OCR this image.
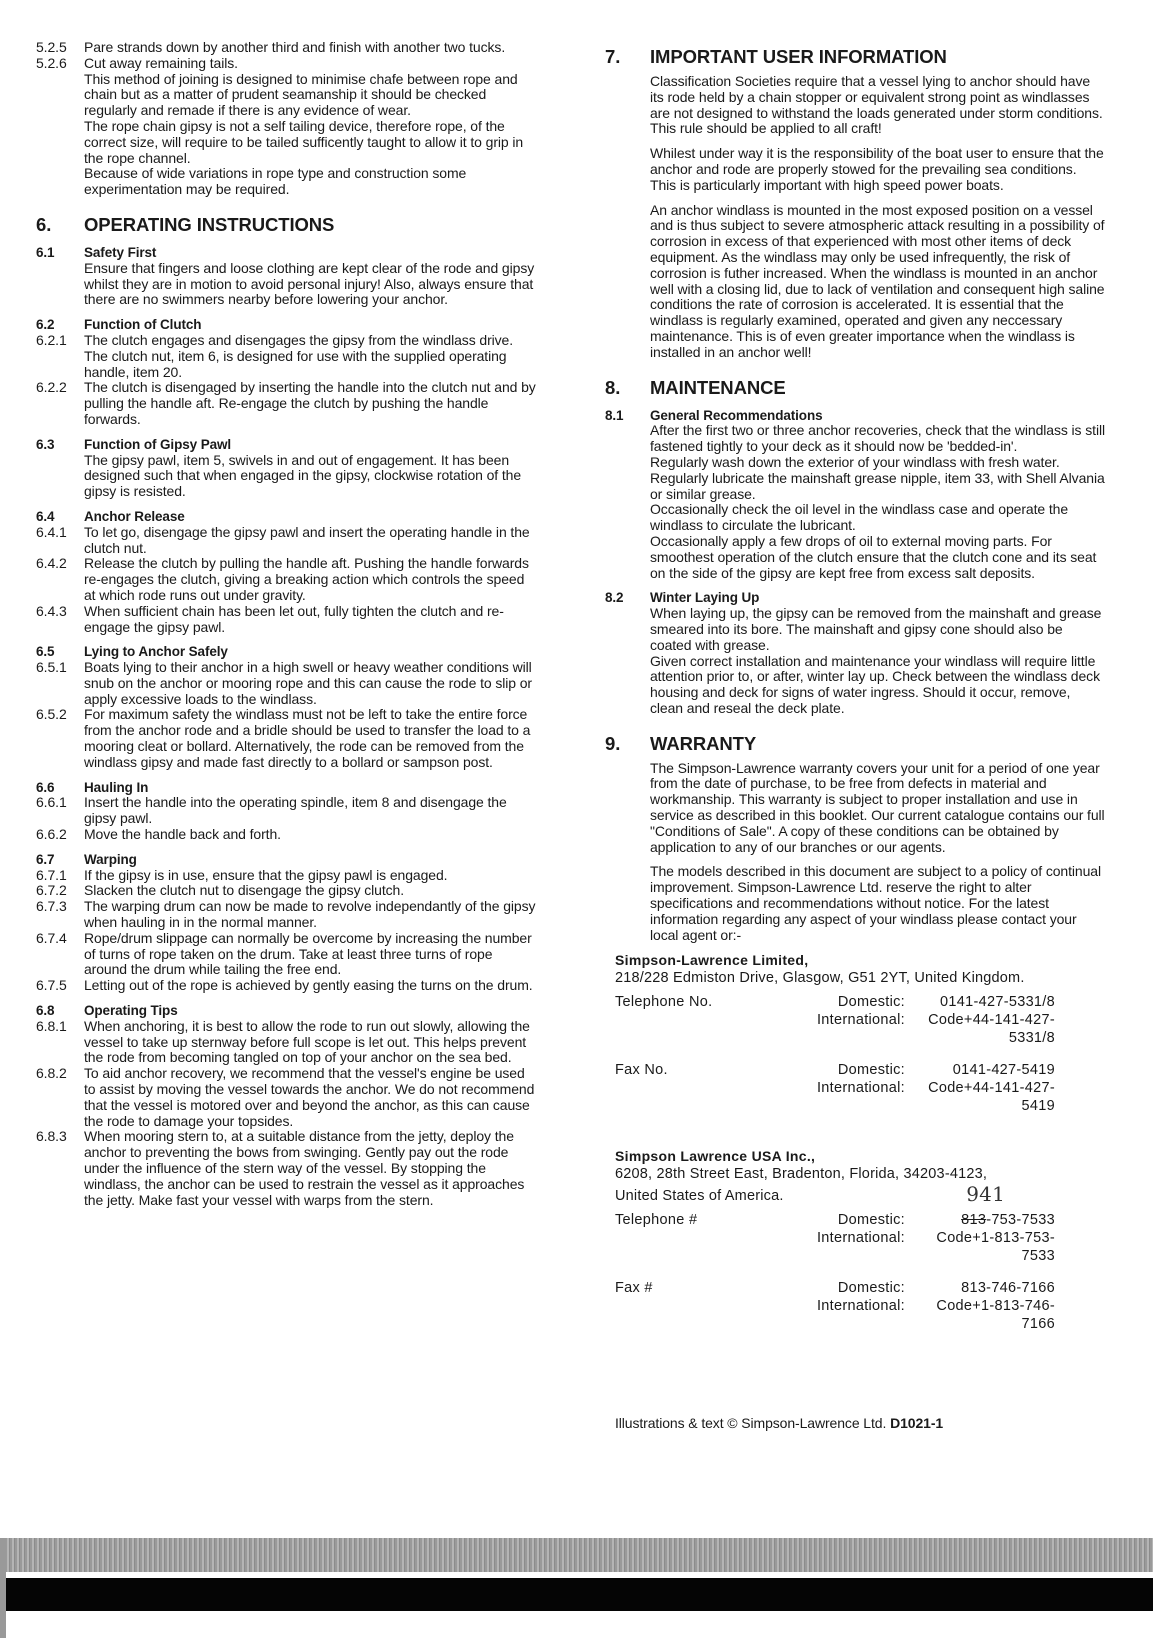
5.2.5	Pare strands down by another third and finish with another two tucks.
5.2.6	Cut away remaining tails.
This method of joining is designed to minimise chafe between rope and chain but as a matter of prudent seamanship it should be checked regularly and remade if there is any evidence of wear.
The rope chain gipsy is not a self tailing device, therefore rope, of the correct size, will require to be tailed sufficently taught to allow it to grip in the rope channel.
Because of wide variations in rope type and construction some experimentation may be required.
6.	OPERATING INSTRUCTIONS
6.1	Safety First
Ensure that fingers and loose clothing are kept clear of the rode and gipsy whilst they are in motion to avoid personal injury! Also, always ensure that there are no swimmers nearby before lowering your anchor.
6.2	Function of Clutch
6.2.1	The clutch engages and disengages the gipsy from the windlass drive. The clutch nut, item 6, is designed for use with the supplied operating handle, item 20.
6.2.2	The clutch is disengaged by inserting the handle into the clutch nut and by pulling the handle aft. Re-engage the clutch by pushing the handle forwards.
6.3	Function of Gipsy Pawl
The gipsy pawl, item 5, swivels in and out of engagement. It has been designed such that when engaged in the gipsy, clockwise rotation of the gipsy is resisted.
6.4	Anchor Release
6.4.1	To let go, disengage the gipsy pawl and insert the operating handle in the clutch nut.
6.4.2	Release the clutch by pulling the handle aft. Pushing the handle forwards re-engages the clutch, giving a breaking action which controls the speed at which rode runs out under gravity.
6.4.3	When sufficient chain has been let out, fully tighten the clutch and re-engage the gipsy pawl.
6.5	Lying to Anchor Safely
6.5.1	Boats lying to their anchor in a high swell or heavy weather conditions will snub on the anchor or mooring rope and this can cause the rode to slip or apply excessive loads to the windlass.
6.5.2	For maximum safety the windlass must not be left to take the entire force from the anchor rode and a bridle should be used to transfer the load to a mooring cleat or bollard. Alternatively, the rode can be removed from the windlass gipsy and made fast directly to a bollard or sampson post.
6.6	Hauling In
6.6.1	Insert the handle into the operating spindle, item 8 and disengage the gipsy pawl.
6.6.2	Move the handle back and forth.
6.7	Warping
6.7.1	If the gipsy is in use, ensure that the gipsy pawl is engaged.
6.7.2	Slacken the clutch nut to disengage the gipsy clutch.
6.7.3	The warping drum can now be made to revolve independantly of the gipsy when hauling in in the normal manner.
6.7.4	Rope/drum slippage can normally be overcome by increasing the number of turns of rope taken on the drum. Take at least three turns of rope around the drum while tailing the free end.
6.7.5	Letting out of the rope is achieved by gently easing the turns on the drum.
6.8	Operating Tips
6.8.1	When anchoring, it is best to allow the rode to run out slowly, allowing the vessel to take up sternway before full scope is let out. This helps prevent the rode from becoming tangled on top of your anchor on the sea bed.
6.8.2	To aid anchor recovery, we recommend that the vessel's engine be used to assist by moving the vessel towards the anchor. We do not recommend that the vessel is motored over and beyond the anchor, as this can cause the rode to damage your topsides.
6.8.3	When mooring stern to, at a suitable distance from the jetty, deploy the anchor to preventing the bows from swinging. Gently pay out the rode under the influence of the stern way of the vessel. By stopping the windlass, the anchor can be used to restrain the vessel as it approaches the jetty. Make fast your vessel with warps from the stern.
7.	IMPORTANT USER INFORMATION
Classification Societies require that a vessel lying to anchor should have its rode held by a chain stopper or equivalent strong point as windlasses are not designed to withstand the loads generated under storm conditions. This rule should be applied to all craft!
Whilest under way it is the responsibility of the boat user to ensure that the anchor and rode are properly stowed for the prevailing sea conditions. This is particularly important with high speed power boats.
An anchor windlass is mounted in the most exposed position on a vessel and is thus subject to severe atmospheric attack resulting in a possibility of corrosion in excess of that experienced with most other items of deck equipment. As the windlass may only be used infrequently, the risk of corrosion is futher increased. When the windlass is mounted in an anchor well with a closing lid, due to lack of ventilation and consequent high saline conditions the rate of corrosion is accelerated. It is essential that the windlass is regularly examined, operated and given any neccessary maintenance. This is of even greater importance when the windlass is installed in an anchor well!
8.	MAINTENANCE
8.1	General Recommendations
After the first two or three anchor recoveries, check that the windlass is still fastened tightly to your deck as it should now be 'bedded-in'.
Regularly wash down the exterior of your windlass with fresh water.
Regularly lubricate the mainshaft grease nipple, item 33, with Shell Alvania or similar grease.
Occasionally check the oil level in the windlass case and operate the windlass to circulate the lubricant.
Occasionally apply a few drops of oil to external moving parts. For smoothest operation of the clutch ensure that the clutch cone and its seat on the side of the gipsy are kept free from excess salt deposits.
8.2	Winter Laying Up
When laying up, the gipsy can be removed from the mainshaft and grease smeared into its bore. The mainshaft and gipsy cone should also be coated with grease.
Given correct installation and maintenance your windlass will require little attention prior to, or after, winter lay up. Check between the windlass deck housing and deck for signs of water ingress. Should it occur, remove, clean and reseal the deck plate.
9.	WARRANTY
The Simpson-Lawrence warranty covers your unit for a period of one year from the date of purchase, to be free from defects in material and workmanship. This warranty is subject to proper installation and use in service as described in this booklet. Our current catalogue contains our full "Conditions of Sale". A copy of these conditions can be obtained by application to any of our branches or our agents.
The models described in this document are subject to a policy of continual improvement. Simpson-Lawrence Ltd. reserve the right to alter specifications and recommendations without notice. For the latest information regarding any aspect of your windlass please contact your local agent or:-
Simpson-Lawrence Limited,
218/228 Edmiston Drive, Glasgow, G51 2YT, United Kingdom.
Telephone No.	Domestic:	0141-427-5331/8
International:	Code+44-141-427-5331/8
Fax No.	Domestic:	0141-427-5419
International:	Code+44-141-427-5419
Simpson Lawrence USA Inc.,
6208, 28th Street East, Bradenton, Florida, 34203-4123,
United States of America.	941
Telephone #	Domestic:	813-753-7533
International:	Code+1-813-753-7533
Fax #	Domestic:	813-746-7166
International:	Code+1-813-746-7166
Illustrations & text © Simpson-Lawrence Ltd. D1021-1
